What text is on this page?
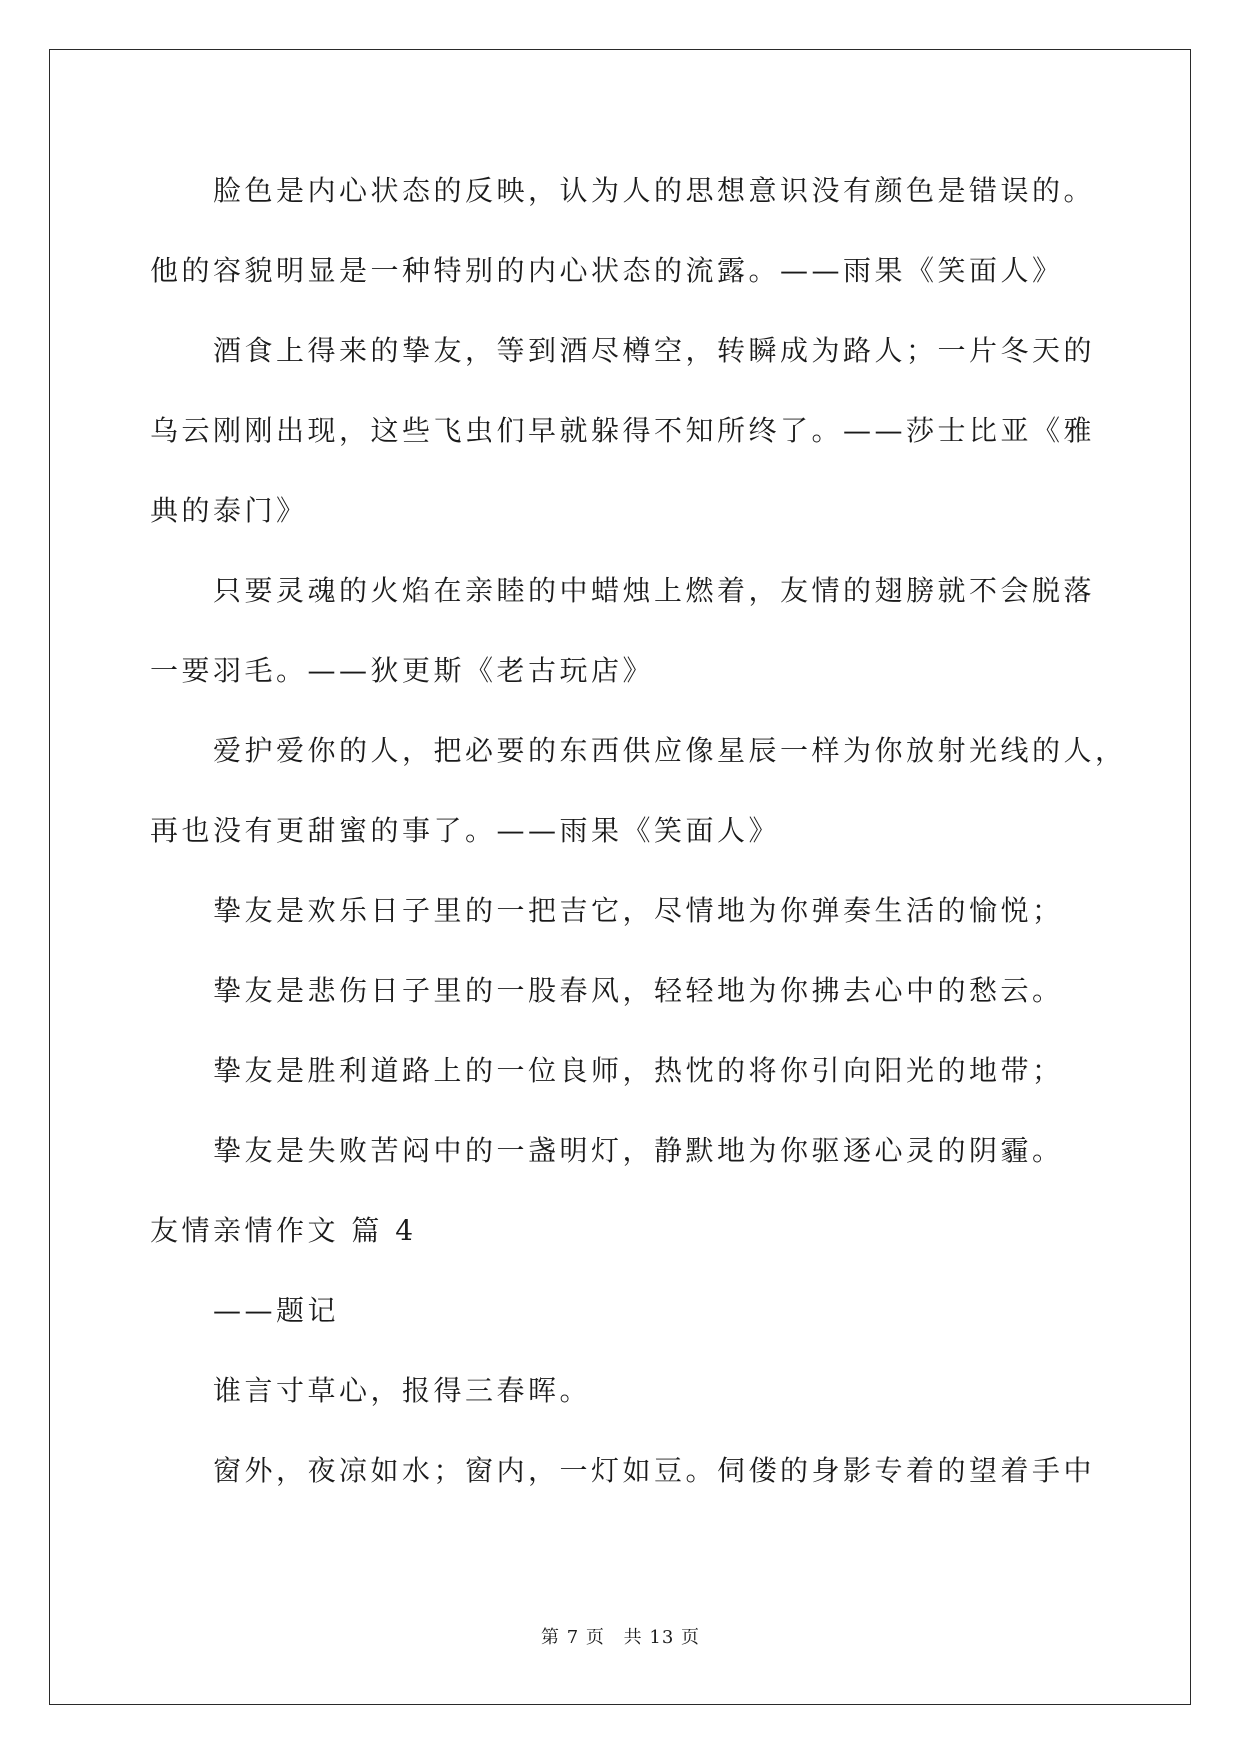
脸色是内心状态的反映，认为人的思想意识没有颜色是错误的。
他的容貌明显是一种特别的内心状态的流露。——雨果《笑面人》
酒食上得来的挚友，等到酒尽樽空，转瞬成为路人；一片冬天的
乌云刚刚出现，这些飞虫们早就躲得不知所终了。——莎士比亚《雅
典的泰门》
只要灵魂的火焰在亲睦的中蜡烛上燃着，友情的翅膀就不会脱落
一要羽毛。——狄更斯《老古玩店》
爱护爱你的人，把必要的东西供应像星辰一样为你放射光线的人，
再也没有更甜蜜的事了。——雨果《笑面人》
挚友是欢乐日子里的一把吉它，尽情地为你弹奏生活的愉悦；
挚友是悲伤日子里的一股春风，轻轻地为你拂去心中的愁云。
挚友是胜利道路上的一位良师，热忱的将你引向阳光的地带；
挚友是失败苦闷中的一盏明灯，静默地为你驱逐心灵的阴霾。
友情亲情作文 篇 4
——题记
谁言寸草心，报得三春晖。
窗外，夜凉如水；窗内，一灯如豆。伺偻的身影专着的望着手中
第 7 页 共 13 页
